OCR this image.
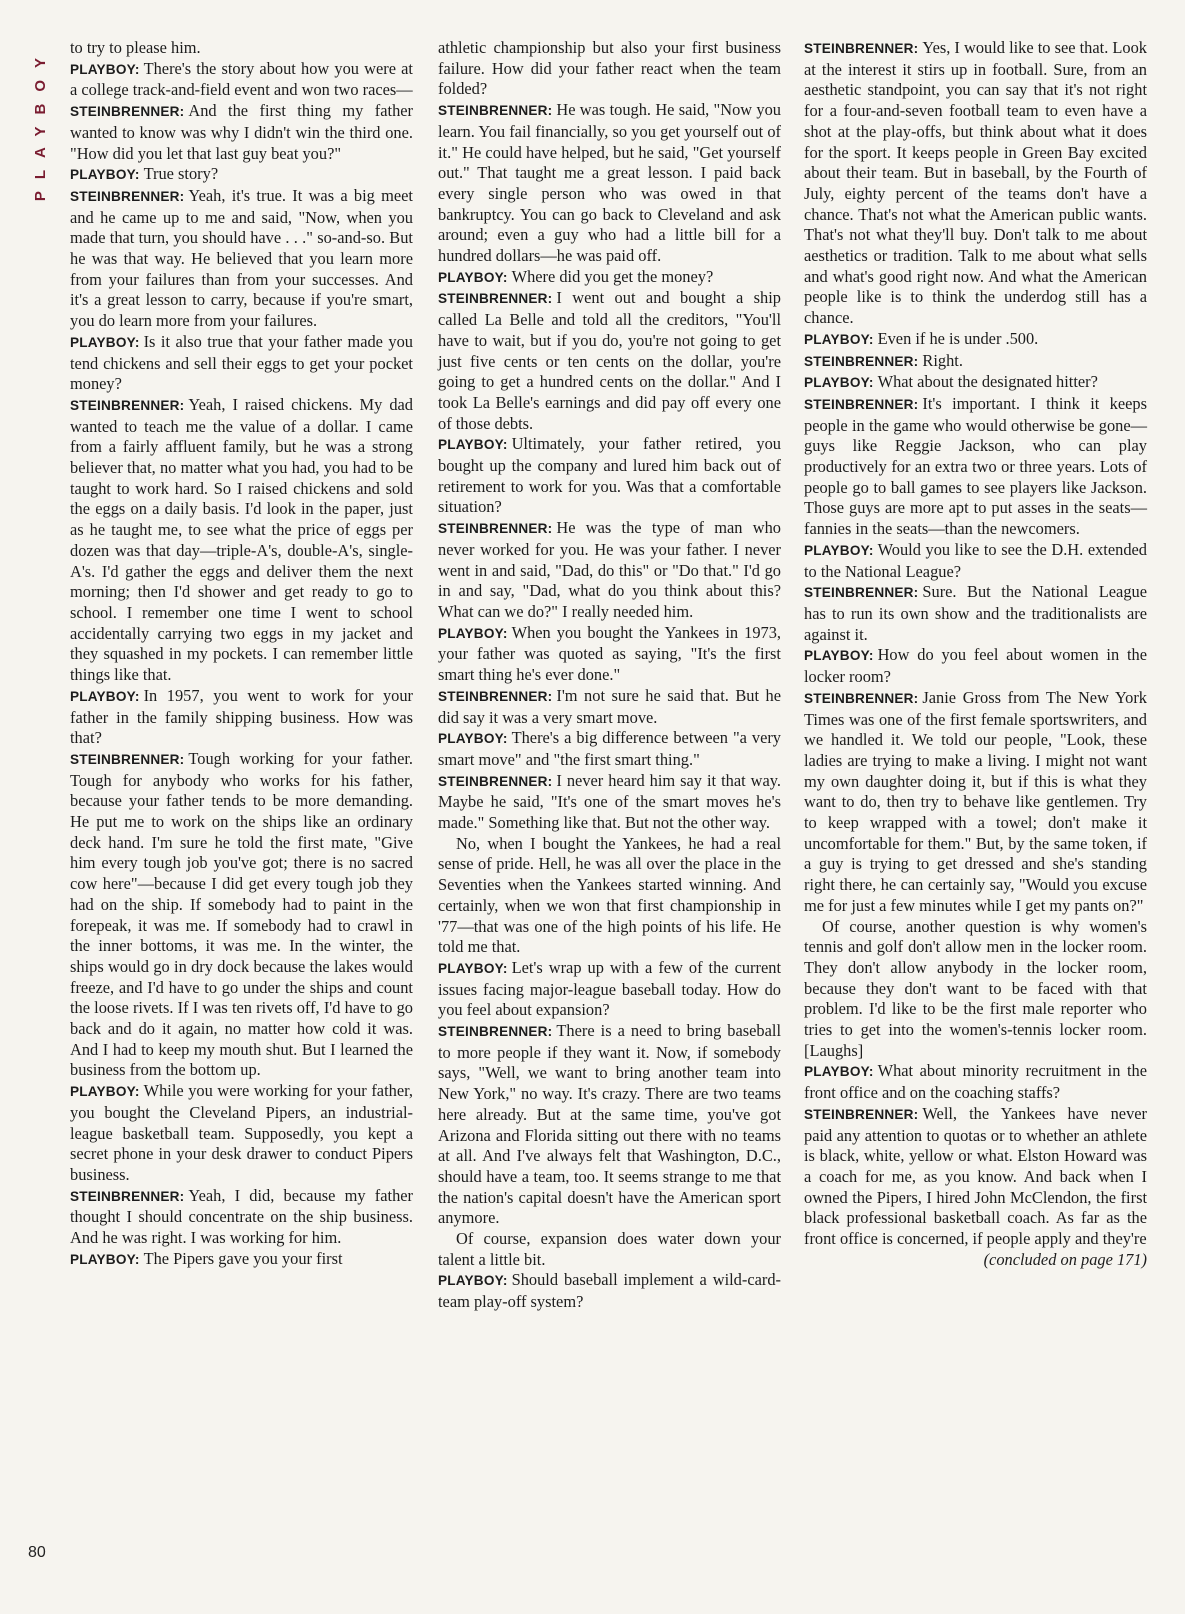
PLAYBOY
80

to try to please him.

PLAYBOY: There's the story about how you were at a college track-and-field event and won two races—

STEINBRENNER: And the first thing my father wanted to know was why I didn't win the third one. "How did you let that last guy beat you?"

PLAYBOY: True story?

STEINBRENNER: Yeah, it's true. It was a big meet and he came up to me and said, "Now, when you made that turn, you should have . . ." so-and-so. But he was that way. He believed that you learn more from your failures than from your successes. And it's a great lesson to carry, because if you're smart, you do learn more from your failures.

PLAYBOY: Is it also true that your father made you tend chickens and sell their eggs to get your pocket money?

STEINBRENNER: Yeah, I raised chickens. My dad wanted to teach me the value of a dollar. I came from a fairly affluent family, but he was a strong believer that, no matter what you had, you had to be taught to work hard. So I raised chickens and sold the eggs on a daily basis. I'd look in the paper, just as he taught me, to see what the price of eggs per dozen was that day—triple-A's, double-A's, single-A's. I'd gather the eggs and deliver them the next morning; then I'd shower and get ready to go to school. I remember one time I went to school accidentally carrying two eggs in my jacket and they squashed in my pockets. I can remember little things like that.

PLAYBOY: In 1957, you went to work for your father in the family shipping business. How was that?

STEINBRENNER: Tough working for your father. Tough for anybody who works for his father, because your father tends to be more demanding. He put me to work on the ships like an ordinary deck hand. I'm sure he told the first mate, "Give him every tough job you've got; there is no sacred cow here"—because I did get every tough job they had on the ship. If somebody had to paint in the forepeak, it was me. If somebody had to crawl in the inner bottoms, it was me. In the winter, the ships would go in dry dock because the lakes would freeze, and I'd have to go under the ships and count the loose rivets. If I was ten rivets off, I'd have to go back and do it again, no matter how cold it was. And I had to keep my mouth shut. But I learned the business from the bottom up.

PLAYBOY: While you were working for your father, you bought the Cleveland Pipers, an industrial-league basketball team. Supposedly, you kept a secret phone in your desk drawer to conduct Pipers business.

STEINBRENNER: Yeah, I did, because my father thought I should concentrate on the ship business. And he was right. I was working for him.

PLAYBOY: The Pipers gave you your first

athletic championship but also your first business failure. How did your father react when the team folded?

STEINBRENNER: He was tough. He said, "Now you learn. You fail financially, so you get yourself out of it." He could have helped, but he said, "Get yourself out." That taught me a great lesson. I paid back every single person who was owed in that bankruptcy. You can go back to Cleveland and ask around; even a guy who had a little bill for a hundred dollars—he was paid off.

PLAYBOY: Where did you get the money?

STEINBRENNER: I went out and bought a ship called La Belle and told all the creditors, "You'll have to wait, but if you do, you're not going to get just five cents or ten cents on the dollar, you're going to get a hundred cents on the dollar." And I took La Belle's earnings and did pay off every one of those debts.

PLAYBOY: Ultimately, your father retired, you bought up the company and lured him back out of retirement to work for you. Was that a comfortable situation?

STEINBRENNER: He was the type of man who never worked for you. He was your father. I never went in and said, "Dad, do this" or "Do that." I'd go in and say, "Dad, what do you think about this? What can we do?" I really needed him.

PLAYBOY: When you bought the Yankees in 1973, your father was quoted as saying, "It's the first smart thing he's ever done."

STEINBRENNER: I'm not sure he said that. But he did say it was a very smart move.

PLAYBOY: There's a big difference between "a very smart move" and "the first smart thing."

STEINBRENNER: I never heard him say it that way. Maybe he said, "It's one of the smart moves he's made." Something like that. But not the other way.

No, when I bought the Yankees, he had a real sense of pride. Hell, he was all over the place in the Seventies when the Yankees started winning. And certainly, when we won that first championship in '77—that was one of the high points of his life. He told me that.

PLAYBOY: Let's wrap up with a few of the current issues facing major-league baseball today. How do you feel about expansion?

STEINBRENNER: There is a need to bring baseball to more people if they want it. Now, if somebody says, "Well, we want to bring another team into New York," no way. It's crazy. There are two teams here already. But at the same time, you've got Arizona and Florida sitting out there with no teams at all. And I've always felt that Washington, D.C., should have a team, too. It seems strange to me that the nation's capital doesn't have the American sport anymore.

Of course, expansion does water down your talent a little bit.

PLAYBOY: Should baseball implement a wild-card-team play-off system?

STEINBRENNER: Yes, I would like to see that. Look at the interest it stirs up in football. Sure, from an aesthetic standpoint, you can say that it's not right for a four-and-seven football team to even have a shot at the play-offs, but think about what it does for the sport. It keeps people in Green Bay excited about their team. But in baseball, by the Fourth of July, eighty percent of the teams don't have a chance. That's not what the American public wants. That's not what they'll buy. Don't talk to me about aesthetics or tradition. Talk to me about what sells and what's good right now. And what the American people like is to think the underdog still has a chance.

PLAYBOY: Even if he is under .500.

STEINBRENNER: Right.

PLAYBOY: What about the designated hitter?

STEINBRENNER: It's important. I think it keeps people in the game who would otherwise be gone—guys like Reggie Jackson, who can play productively for an extra two or three years. Lots of people go to ball games to see players like Jackson. Those guys are more apt to put asses in the seats—fannies in the seats—than the newcomers.

PLAYBOY: Would you like to see the D.H. extended to the National League?

STEINBRENNER: Sure. But the National League has to run its own show and the traditionalists are against it.

PLAYBOY: How do you feel about women in the locker room?

STEINBRENNER: Janie Gross from The New York Times was one of the first female sportswriters, and we handled it. We told our people, "Look, these ladies are trying to make a living. I might not want my own daughter doing it, but if this is what they want to do, then try to behave like gentlemen. Try to keep wrapped with a towel; don't make it uncomfortable for them." But, by the same token, if a guy is trying to get dressed and she's standing right there, he can certainly say, "Would you excuse me for just a few minutes while I get my pants on?"

Of course, another question is why women's tennis and golf don't allow men in the locker room. They don't allow anybody in the locker room, because they don't want to be faced with that problem. I'd like to be the first male reporter who tries to get into the women's-tennis locker room. [Laughs]

PLAYBOY: What about minority recruitment in the front office and on the coaching staffs?

STEINBRENNER: Well, the Yankees have never paid any attention to quotas or to whether an athlete is black, white, yellow or what. Elston Howard was a coach for me, as you know. And back when I owned the Pipers, I hired John McClendon, the first black professional basketball coach. As far as the front office is concerned, if people apply and they're

(concluded on page 171)
